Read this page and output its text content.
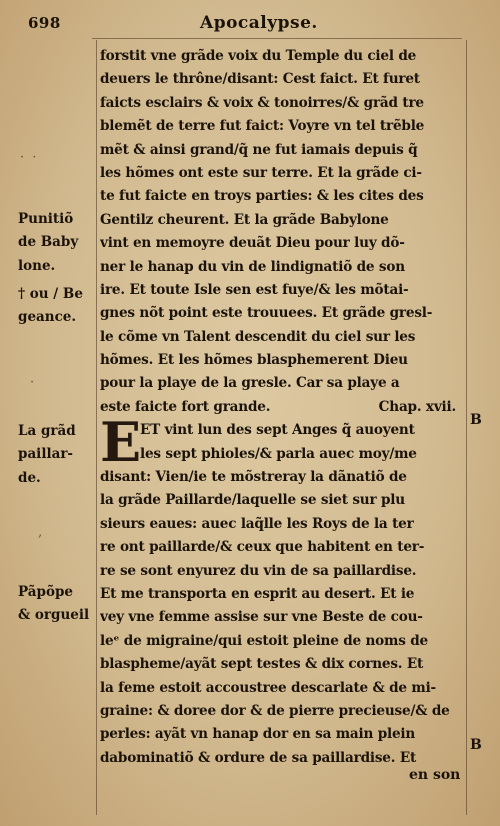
698	Apocalypse.
· ·
·
‚
forstit vne grãde voix du Temple du ciel de
deuers le thrône/disant: Cest faict. Et furet
faicts esclairs & voix & tonoirres/& grãd tre
blemẽt de terre fut faict: Voyre vn tel trẽble
mẽt & ainsi grand/q̃ ne fut iamais depuis q̃
les hõmes ont este sur terre. Et la grãde ci-
te fut faicte en troys parties: & les cites des
Gentilz cheurent. Et la grãde Babylone
vint en memoyre deuãt Dieu pour luy dõ-
ner le hanap du vin de lindignatiõ de son
ire. Et toute Isle sen est fuye/& les mõtai-
gnes nõt point este trouuees. Et grãde gresl-
le cõme vn Talent descendit du ciel sur les
hõmes. Et les hõmes blasphemerent Dieu
pour la playe de la gresle. Car sa playe a
este faicte fort grande.	Chap. xvii.
ET vint lun des sept Anges q̃ auoyent
les sept phioles/& parla auec moy/me
disant: Vien/ie te mõstreray la dãnatiõ de
la grãde Paillarde/laquelle se siet sur plu
sieurs eaues: auec laq̃lle les Roys de la ter
re ont paillarde/& ceux que habitent en ter-
re se sont enyurez du vin de sa paillardise.
Et me transporta en esprit au desert. Et ie
vey vne femme assise sur vne Beste de cou-
leᵉ de migraine/qui estoit pleine de noms de
blaspheme/ayãt sept testes & dix cornes. Et
la feme estoit accoustree descarlate & de mi-
graine: & doree dor & de pierre precieuse/& de
perles: ayãt vn hanap dor en sa main plein
dabominatiõ & ordure de sa paillardise. Et
E
Punitiõ
de Baby
lone.
† ou / Be
geance.
La grãd
paillar-
de.
Pãpõpe
& orgueil
B
B
en son
